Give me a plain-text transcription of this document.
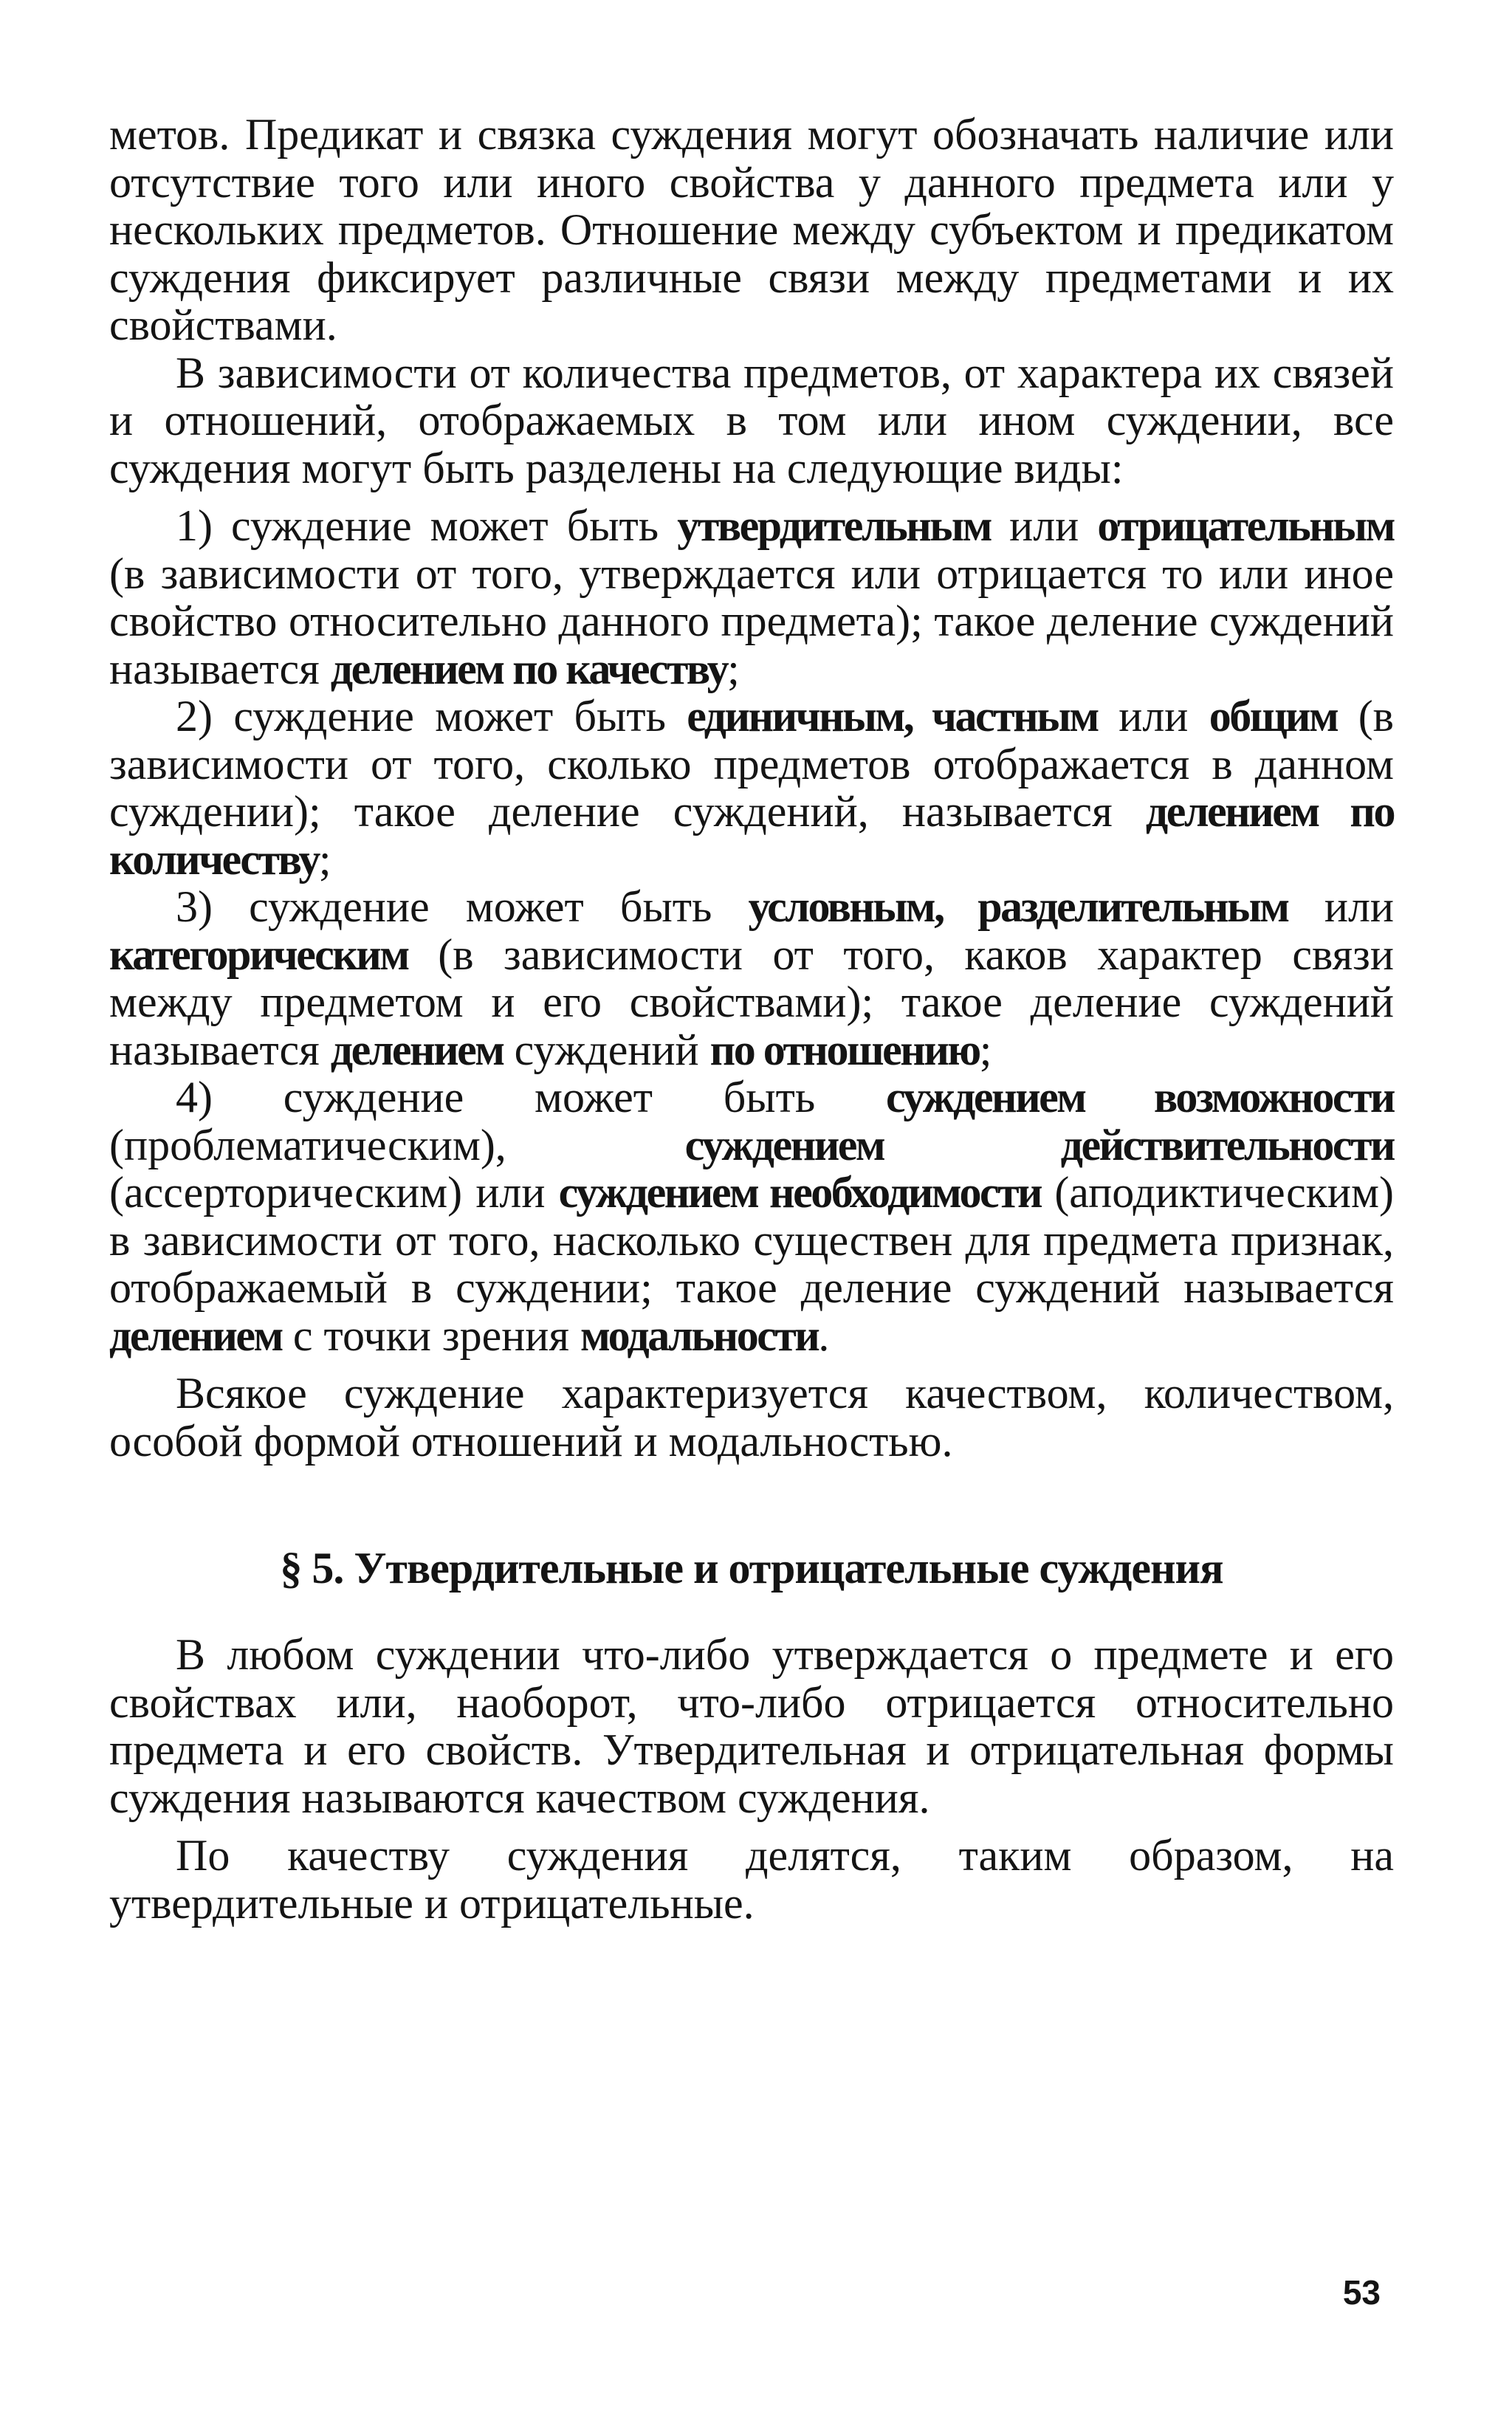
метов. Предикат и связка суждения могут обозначать наличие или отсутствие того или иного свойства у данного предмета или у нескольких предметов. Отношение между субъектом и предикатом суждения фиксирует различные связи между предметами и их свойствами.

В зависимости от количества предметов, от характера их связей и отношений, отображаемых в том или ином суждении, все суждения могут быть разделены на следующие виды:

1) суждение может быть утвердительным или отрицательным (в зависимости от того, утверждается или отрицается то или иное свойство относительно данного предмета); такое деление суждений называется делением по качеству;

2) суждение может быть единичным, частным или общим (в зависимости от того, сколько предметов отображается в данном суждении); такое деление суждений, называется делением по количеству;

3) суждение может быть условным, разделительным или категорическим (в зависимости от того, каков характер связи между предметом и его свойствами); такое деление суждений называется делением суждений по отношению;

4) суждение может быть суждением возможности (проблематическим), суждением действительности (ассерторическим) или суждением необходимости (аподиктическим) в зависимости от того, насколько существен для предмета признак, отображаемый в суждении; такое деление суждений называется делением с точки зрения модальности.

Всякое суждение характеризуется качеством, количеством, особой формой отношений и модальностью.

§ 5. Утвердительные и отрицательные суждения

В любом суждении что-либо утверждается о предмете и его свойствах или, наоборот, что-либо отрицается относительно предмета и его свойств. Утвердительная и отрицательная формы суждения называются качеством суждения.

По качеству суждения делятся, таким образом, на утвердительные и отрицательные.

53
